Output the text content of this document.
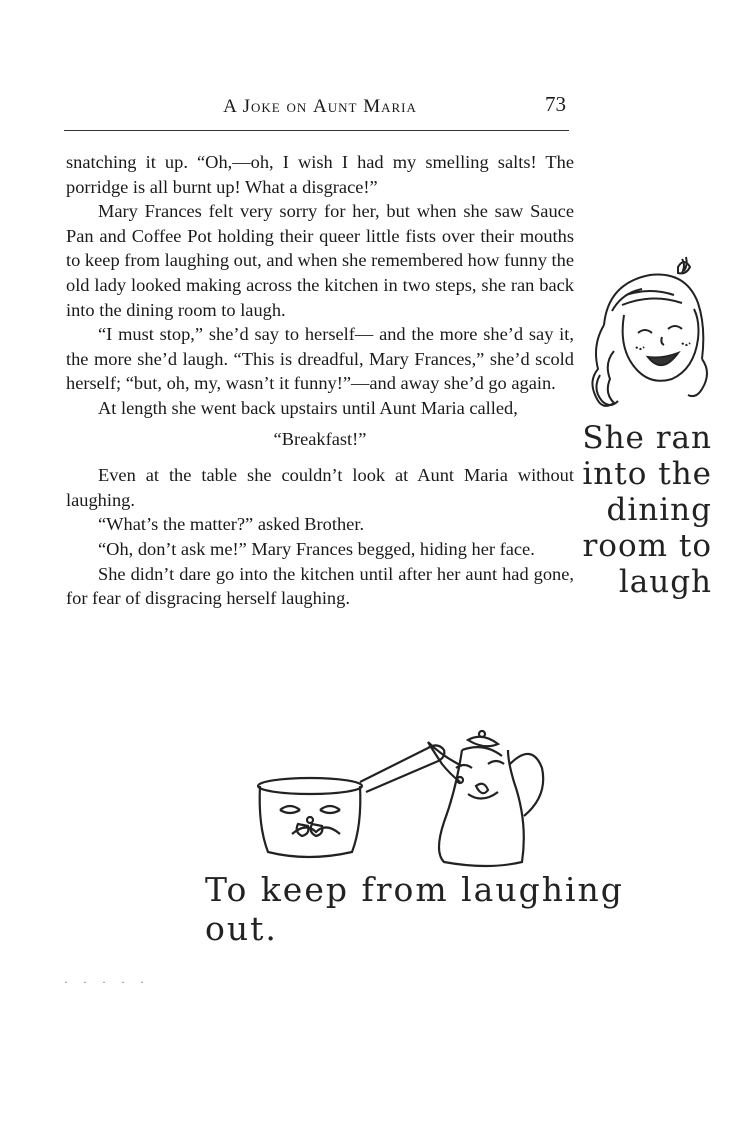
A Joke on Aunt Maria	73

snatching it up. “Oh,—oh, I wish I had my smelling salts! The porridge is all burnt up! What a disgrace!”

Mary Frances felt very sorry for her, but when she saw Sauce Pan and Coffee Pot holding their queer little fists over their mouths to keep from laughing out, and when she remembered how funny the old lady looked making across the kitchen in two steps, she ran back into the dining room to laugh.

“I must stop,” she’d say to herself— and the more she’d say it, the more she’d laugh. “This is dreadful, Mary Frances,” she’d scold herself; “but, oh, my, wasn’t it funny!”—and away she’d go again.

At length she went back upstairs until Aunt Maria called,

“Breakfast!”

Even at the table she couldn’t look at Aunt Maria without laughing.

“What’s the matter?” asked Brother.

“Oh, don’t ask me!” Mary Frances begged, hiding her face.

She didn’t dare go into the kitchen until after her aunt had gone, for fear of disgracing herself laughing.

She ran
into the
dining
room to
laugh
To keep from laughing out.
· · · · ·
